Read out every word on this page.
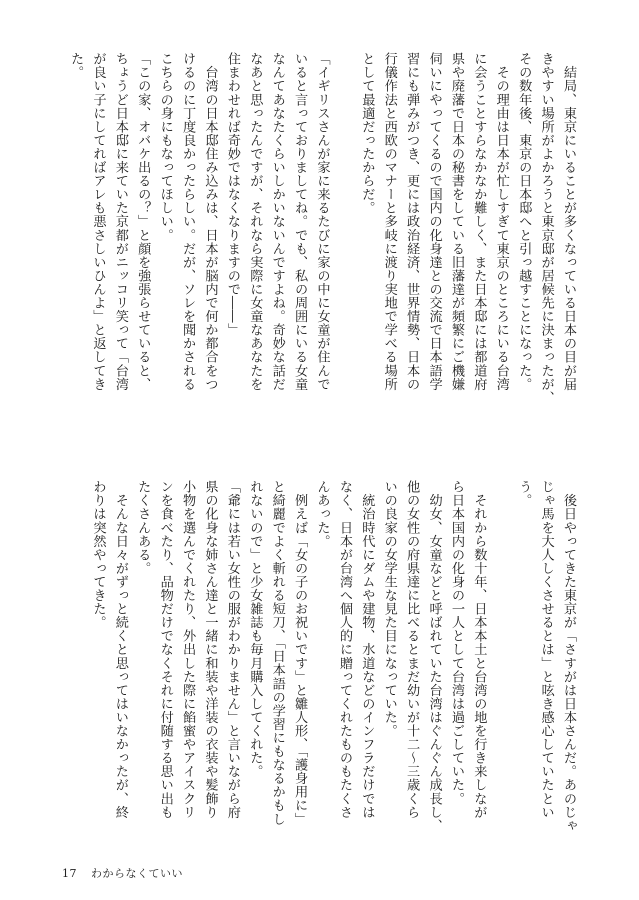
　結局、東京にいることが多くなっている日本の目が届

きやすい場所がよかろうと東京邸が居候先に決まったが、

その数年後、東京の日本邸へと引っ越すことになった。

　その理由は日本が忙しすぎて東京のところにいる台湾

に会うことすらなかなか難しく、また日本邸には都道府

県や廃藩で日本の秘書をしている旧藩達が頻繁にご機嫌

伺いにやってくるので国内の化身達との交流で日本語学

習にも弾みがつき、更には政治経済、世界情勢、日本の

行儀作法と西欧のマナーと多岐に渡り実地で学べる場所

として最適だったからだ。

「イギリスさんが家に来るたびに家の中に女童が住んで

いると言っておりましてね。でも、私の周囲にいる女童

なんてあなたくらいしかいないんですよね。奇妙な話だ

なあと思ったんですが、それなら実際に女童なあなたを

住まわせれば奇妙ではなくなりますので――」

　台湾の日本邸住み込みは、日本が脳内で何か都合をつ

けるのに丁度良かったらしい。だが、ソレを聞かされる

こちらの身にもなってほしい。

「この家、オバケ出るの？」と顔を強張らせていると、

ちょうど日本邸に来ていた京都がニッコリ笑って「台湾

が良い子にしてればアレも悪さしいひんよ」と返してき

た。

　後日やってきた東京が「さすがは日本さんだ。あのじゃ

じゃ馬を大人しくさせるとは」と呟き感心していたとい

う。

　それから数十年、日本本土と台湾の地を行き来しなが

ら日本国内の化身の一人として台湾は過ごしていた。

　幼女、女童などと呼ばれていた台湾はぐんぐん成長し、

他の女性の府県達に比べるとまだ幼いが十二〜三歳くら

いの良家の女学生な見た目になっていた。

　統治時代にダムや建物、水道などのインフラだけでは

なく、日本が台湾へ個人的に贈ってくれたものもたくさ

んあった。

　例えば「女の子のお祝いです」と雛人形、「護身用に」

と綺麗でよく斬れる短刀、「日本語の学習にもなるかもし

れないので」と少女雑誌も毎月購入してくれた。

「爺には若い女性の服がわかりません」と言いながら府

県の化身な姉さん達と一緒に和装や洋装の衣装や髪飾り

小物を選んでくれたり、外出した際に餡蜜やアイスクリ

ンを食べたり、品物だけでなくそれに付随する思い出も

たくさんある。

　そんな日々がずっと続くと思ってはいなかったが、終

わりは突然やってきた。

17 わからなくていい
